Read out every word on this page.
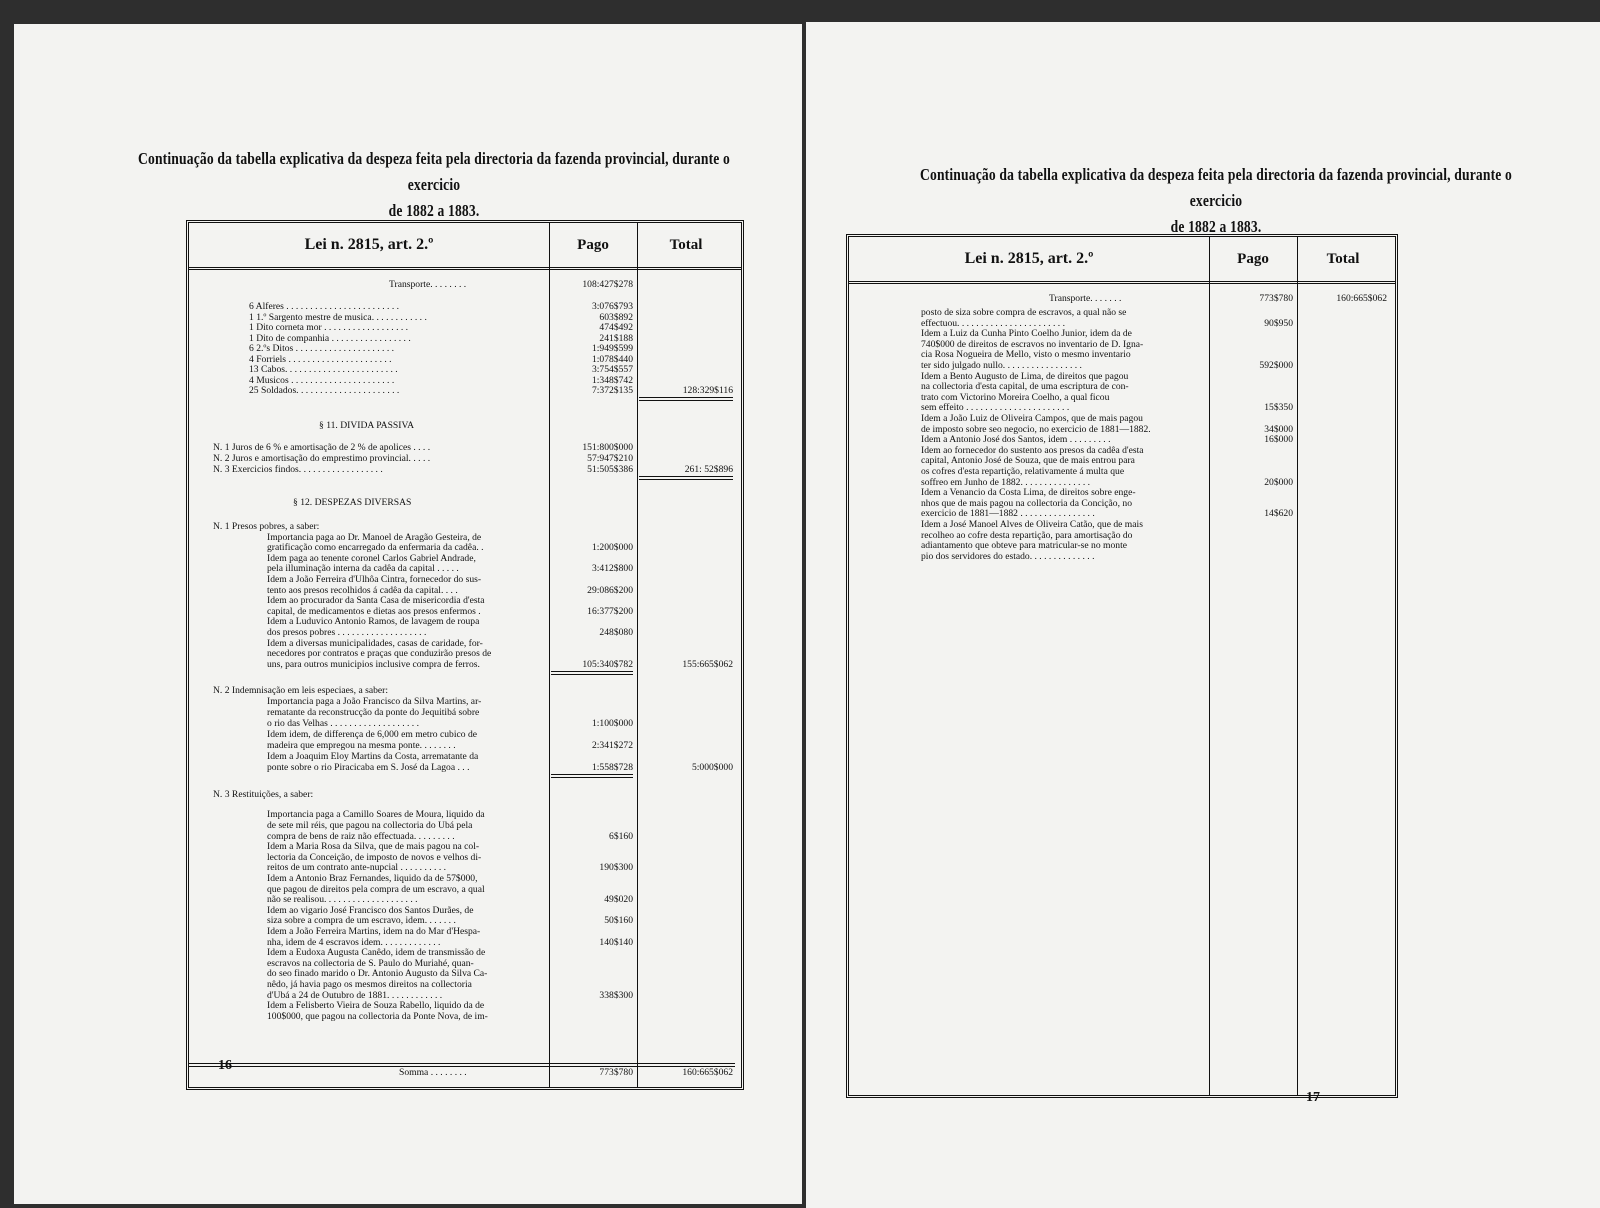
Continuação da tabella explicativa da despeza feita pela directoria da fazenda provincial, durante o exercicio
de 1882 a 1883.
Lei n. 2815, art. 2.º	Pago	Total
Transporte. . . . . . . .	108:427$278
6 Alferes . . . . . . . . . . . . . . . . . . . . . . . .	3:076$793
1 1.º Sargento mestre de musica. . . . . . . . . . . .	603$892
1 Dito corneta mor . . . . . . . . . . . . . . . . . .	474$492
1 Dito de companhia . . . . . . . . . . . . . . . . .	241$188
6 2.ºs Ditos . . . . . . . . . . . . . . . . . . . . .	1:949$599
4 Forriels . . . . . . . . . . . . . . . . . . . . . .	1:078$440
13 Cabos. . . . . . . . . . . . . . . . . . . . . . . .	3:754$557
4 Musicos . . . . . . . . . . . . . . . . . . . . . .	1:348$742
25 Soldados. . . . . . . . . . . . . . . . . . . . . .	7:372$135	128:329$116
§ 11. DIVIDA PASSIVA
N. 1 Juros de 6 % e amortisação de 2 % de apolices . . . .	151:800$000
N. 2 Juros e amortisação do emprestimo provincial. . . . .	57:947$210
N. 3 Exercicios findos. . . . . . . . . . . . . . . . . .	51:505$386	261: 52$896
§ 12. DESPEZAS DIVERSAS
N. 1 Presos pobres, a saber:
Importancia paga ao Dr. Manoel de Aragão Gesteira, de
gratificação como encarregado da enfermaria da cadêa. .	1:200$000
Idem paga ao tenente coronel Carlos Gabriel Andrade,
pela illuminação interna da cadêa da capital . . . . .	3:412$800
Idem a João Ferreira d'Ulhôa Cintra, fornecedor do sus-
tento aos presos recolhidos á cadêa da capital. . . .	29:086$200
Idem ao procurador da Santa Casa de misericordia d'esta
capital, de medicamentos e dietas aos presos enfermos .	16:377$200
Idem a Luduvico Antonio Ramos, de lavagem de roupa
dos presos pobres . . . . . . . . . . . . . . . . . . .	248$080
Idem a diversas municipalidades, casas de caridade, for-
necedores por contratos e praças que conduzirão presos de
uns, para outros municipios inclusive compra de ferros.	105:340$782	155:665$062
N. 2 Indemnisação em leis especiaes, a saber:
Importancia paga a João Francisco da Silva Martins, ar-
rematante da reconstrucção da ponte do Jequitibá sobre
o rio das Velhas . . . . . . . . . . . . . . . . . . .	1:100$000
Idem idem, de differença de 6,000 em metro cubico de
madeira que empregou na mesma ponte. . . . . . . .	2:341$272
Idem a Joaquim Eloy Martins da Costa, arrematante da
ponte sobre o rio Piracicaba em S. José da Lagoa . . .	1:558$728	5:000$000
N. 3 Restituições, a saber:
Importancia paga a Camillo Soares de Moura, liquido da
de sete mil réis, que pagou na collectoria do Ubá pela
compra de bens de raiz não effectuada. . . . . . . . .	6$160
Idem a Maria Rosa da Silva, que de mais pagou na col-
lectoria da Conceição, de imposto de novos e velhos di-
reitos de um contrato ante-nupcial . . . . . . . . . .	190$300
Idem a Antonio Braz Fernandes, liquido da de 57$000,
que pagou de direitos pela compra de um escravo, a qual
não se realisou. . . . . . . . . . . . . . . . . . . .	49$020
Idem ao vigario José Francisco dos Santos Durães, de
siza sobre a compra de um escravo, idem. . . . . . .	50$160
Idem a João Ferreira Martins, idem na do Mar d'Hespa-
nha, idem de 4 escravos idem. . . . . . . . . . . . .	140$140
Idem a Eudoxa Augusta Canêdo, idem de transmissão de
escravos na collectoria de S. Paulo do Muriahé, quan-
do seo finado marido o Dr. Antonio Augusto da Silva Ca-
nêdo, já havia pago os mesmos direitos na collectoria
d'Ubá a 24 de Outubro de 1881. . . . . . . . . . . .	338$300
Idem a Felisberto Vieira de Souza Rabello, liquido da de
100$000, que pagou na collectoria da Ponte Nova, de im-
Somma . . . . . . . .	773$780	160:665$062
16
Continuação da tabella explicativa da despeza feita pela directoria da fazenda provincial, durante o exercicio
de 1882 a 1883.
Lei n. 2815, art. 2.º	Pago	Total
Transporte. . . . . . .	773$780	160:665$062
posto de siza sobre compra de escravos, a qual não se
effectuou. . . . . . . . . . . . . . . . . . . . . . .	90$950
Idem a Luiz da Cunha Pinto Coelho Junior, idem da de
740$000 de direitos de escravos no inventario de D. Igna-
cia Rosa Nogueira de Mello, visto o mesmo inventario
ter sido julgado nullo. . . . . . . . . . . . . . . . .	592$000
Idem a Bento Augusto de Lima, de direitos que pagou
na collectoria d'esta capital, de uma escriptura de con-
trato com Victorino Moreira Coelho, a qual ficou
sem effeito . . . . . . . . . . . . . . . . . . . . . .	15$350
Idem a João Luiz de Oliveira Campos, que de mais pagou
de imposto sobre seo negocio, no exercicio de 1881—1882.	34$000
Idem a Antonio José dos Santos, idem . . . . . . . . .	16$000
Idem ao fornecedor do sustento aos presos da cadêa d'esta
capital, Antonio José de Souza, que de mais entrou para
os cofres d'esta repartição, relativamente á multa que
soffreo em Junho de 1882. . . . . . . . . . . . . . .	20$000
Idem a Venancio da Costa Lima, de direitos sobre enge-
nhos que de mais pagou na collectoria da Concição, no
exercicio de 1881—1882 . . . . . . . . . . . . . . . .	14$620
Idem a José Manoel Alves de Oliveira Catão, que de mais
recolheo ao cofre desta repartição, para amortisação do
adiantamento que obteve para matricular-se no monte
pio dos servidores do estado. . . . . . . . . . . . . .
17
